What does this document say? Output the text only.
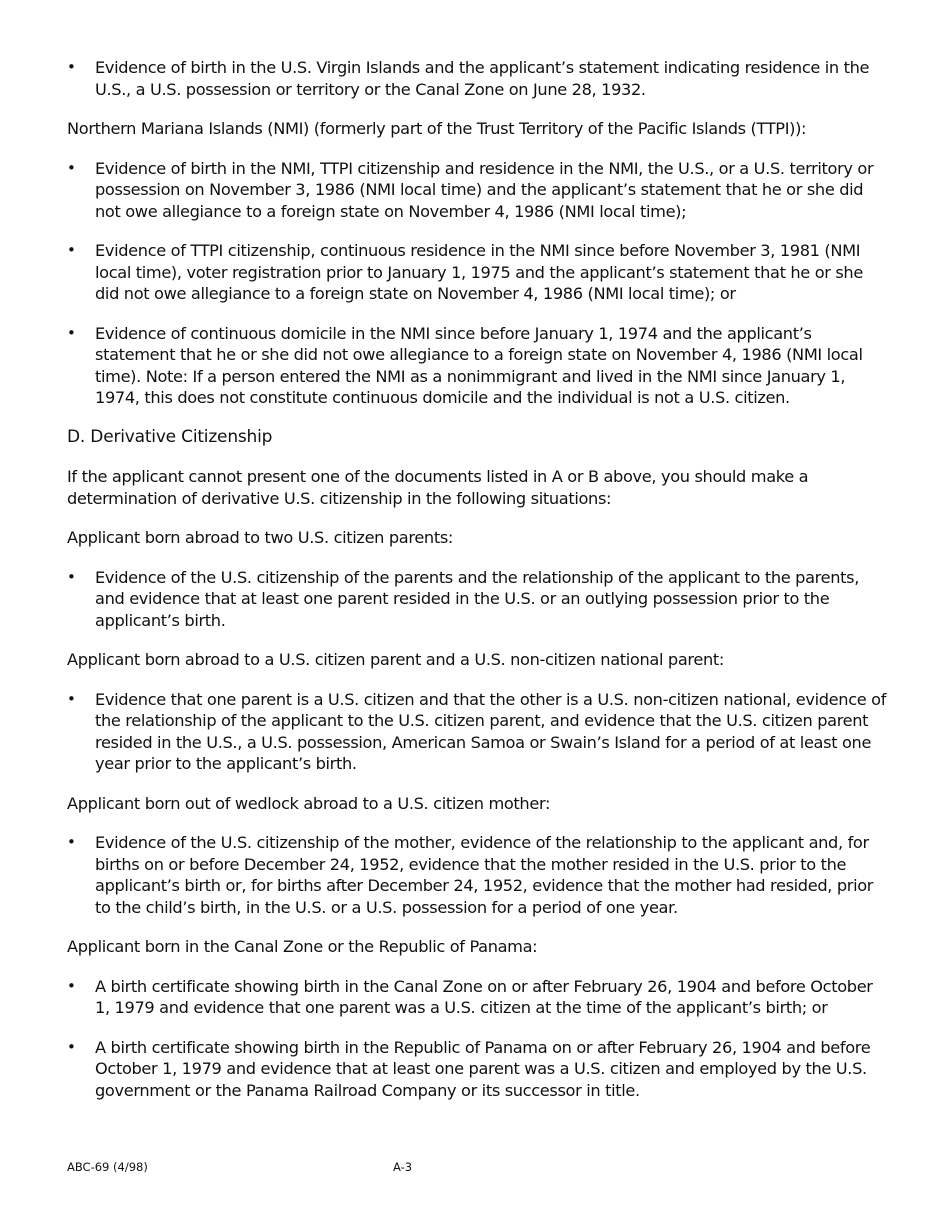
• Evidence of birth in the U.S. Virgin Islands and the applicant’s statement indicating residence in the U.S., a U.S. possession or territory or the Canal Zone on June 28, 1932.

Northern Mariana Islands (NMI) (formerly part of the Trust Territory of the Pacific Islands (TTPI)):

• Evidence of birth in the NMI, TTPI citizenship and residence in the NMI, the U.S., or a U.S. territory or possession on November 3, 1986 (NMI local time) and the applicant’s statement that he or she did not owe allegiance to a foreign state on November 4, 1986 (NMI local time);
• Evidence of TTPI citizenship, continuous residence in the NMI since before November 3, 1981 (NMI local time), voter registration prior to January 1, 1975 and the applicant’s statement that he or she did not owe allegiance to a foreign state on November 4, 1986 (NMI local time); or
• Evidence of continuous domicile in the NMI since before January 1, 1974 and the applicant’s statement that he or she did not owe allegiance to a foreign state on November 4, 1986 (NMI local time). Note: If a person entered the NMI as a nonimmigrant and lived in the NMI since January 1, 1974, this does not constitute continuous domicile and the individual is not a U.S. citizen.

D. Derivative Citizenship

If the applicant cannot present one of the documents listed in A or B above, you should make a determination of derivative U.S. citizenship in the following situations:

Applicant born abroad to two U.S. citizen parents:

• Evidence of the U.S. citizenship of the parents and the relationship of the applicant to the parents, and evidence that at least one parent resided in the U.S. or an outlying possession prior to the applicant’s birth.

Applicant born abroad to a U.S. citizen parent and a U.S. non-citizen national parent:

• Evidence that one parent is a U.S. citizen and that the other is a U.S. non-citizen national, evidence of the relationship of the applicant to the U.S. citizen parent, and evidence that the U.S. citizen parent resided in the U.S., a U.S. possession, American Samoa or Swain’s Island for a period of at least one year prior to the applicant’s birth.

Applicant born out of wedlock abroad to a U.S. citizen mother:

• Evidence of the U.S. citizenship of the mother, evidence of the relationship to the applicant and, for births on or before December 24, 1952, evidence that the mother resided in the U.S. prior to the applicant’s birth or, for births after December 24, 1952, evidence that the mother had resided, prior to the child’s birth, in the U.S. or a U.S. possession for a period of one year.

Applicant born in the Canal Zone or the Republic of Panama:

• A birth certificate showing birth in the Canal Zone on or after February 26, 1904 and before October 1, 1979 and evidence that one parent was a U.S. citizen at the time of the applicant’s birth; or
• A birth certificate showing birth in the Republic of Panama on or after February 26, 1904 and before October 1, 1979 and evidence that at least one parent was a U.S. citizen and employed by the U.S. government or the Panama Railroad Company or its successor in title.
ABC-69 (4/98)	A-3
